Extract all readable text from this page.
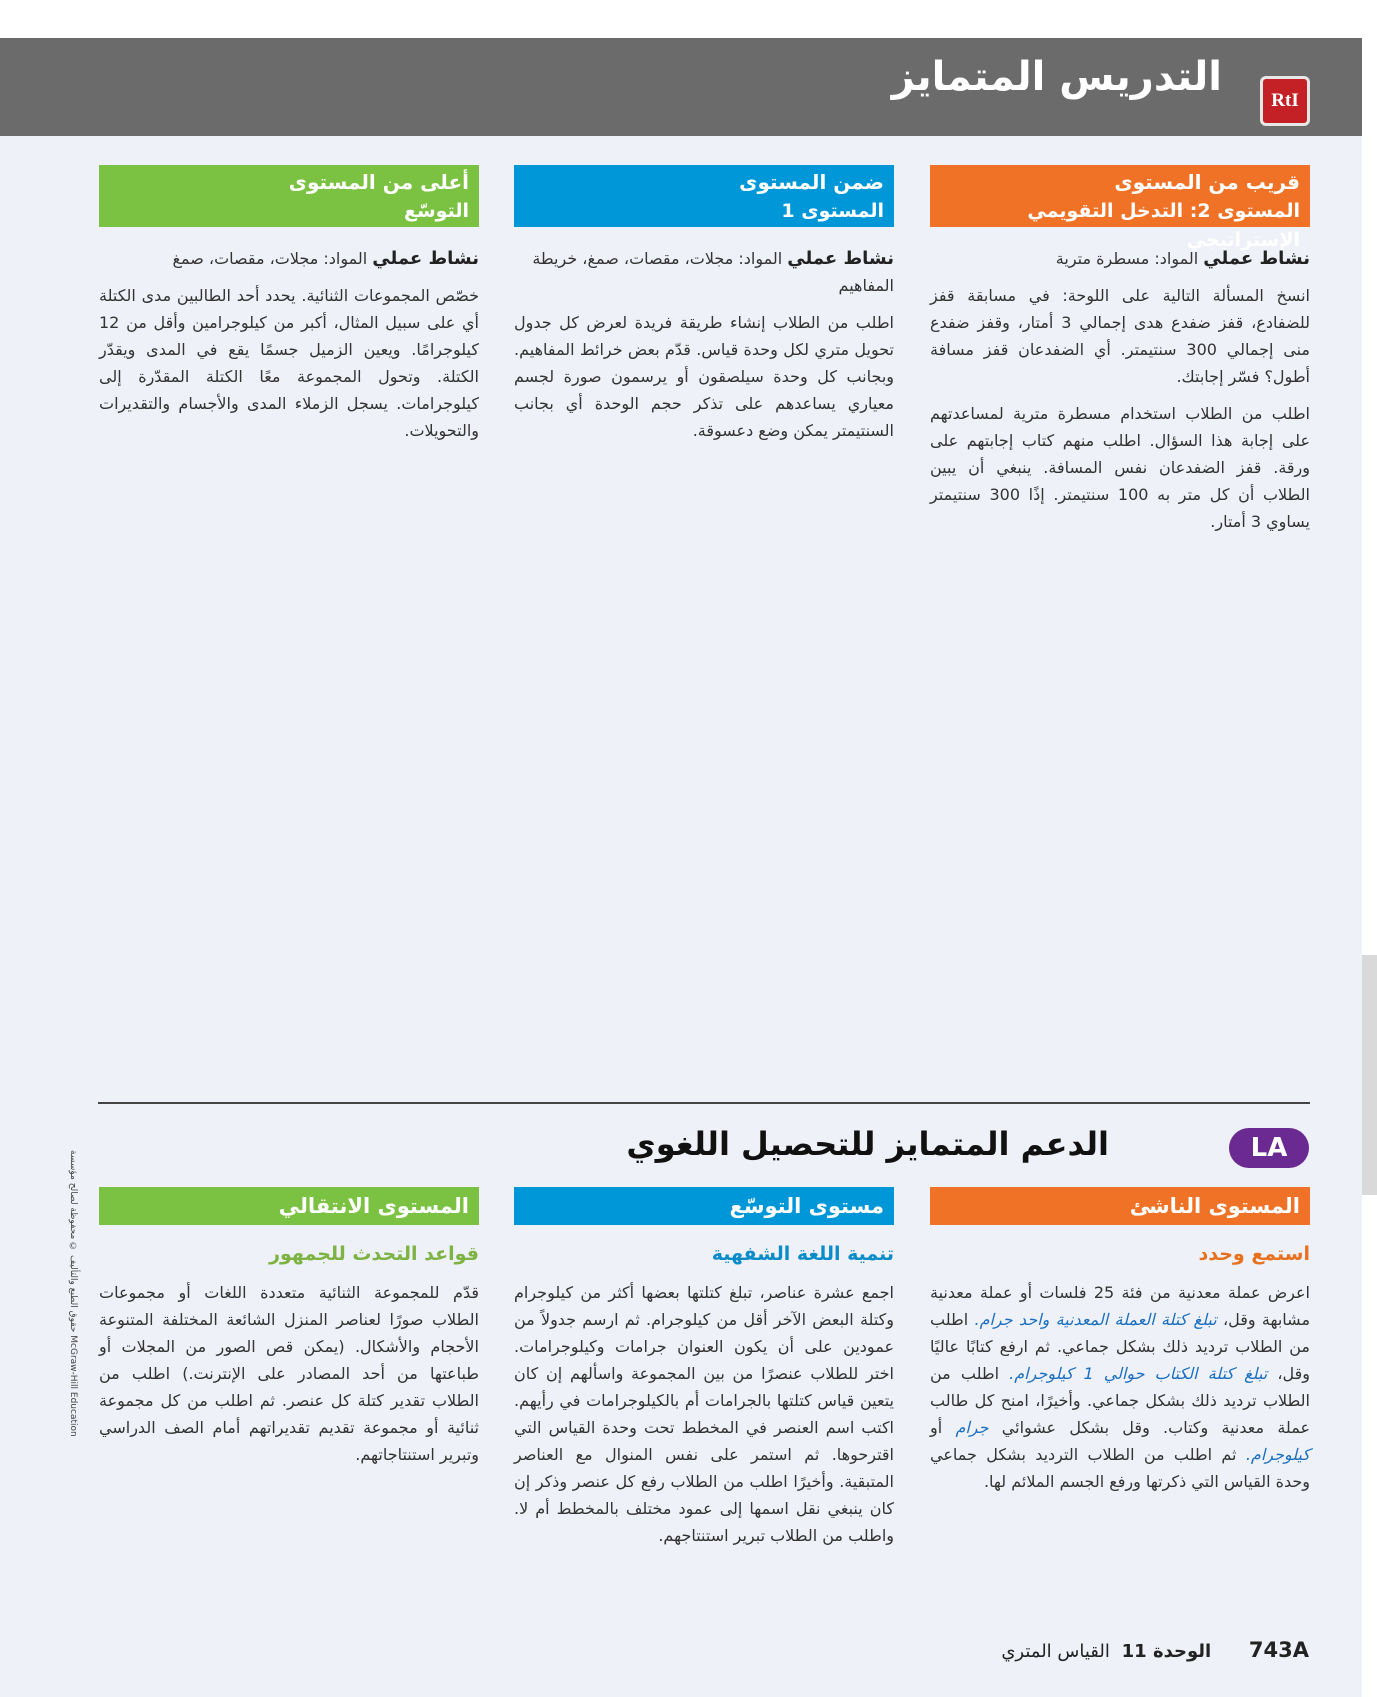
التدريس المتمايز
RtI
قريب من المستوى
المستوى 2: التدخل التقويمي الإستراتيجي
نشاط عملي المواد: مسطرة مترية

انسخ المسألة التالية على اللوحة: في مسابقة قفز للضفادع، قفز ضفدع هدى إجمالي 3 أمتار، وقفز ضفدع منى إجمالي 300 سنتيمتر. أي الضفدعان قفز مسافة أطول؟ فسّر إجابتك.

اطلب من الطلاب استخدام مسطرة مترية لمساعدتهم على إجابة هذا السؤال. اطلب منهم كتاب إجابتهم على ورقة. قفز الضفدعان نفس المسافة. ينبغي أن يبين الطلاب أن كل متر به 100 سنتيمتر. إذًا 300 سنتيمتر يساوي 3 أمتار.

ضمن المستوى
المستوى 1
نشاط عملي المواد: مجلات، مقصات، صمغ، خريطة المفاهيم

اطلب من الطلاب إنشاء طريقة فريدة لعرض كل جدول تحويل متري لكل وحدة قياس. قدّم بعض خرائط المفاهيم. وبجانب كل وحدة سيلصقون أو يرسمون صورة لجسم معياري يساعدهم على تذكر حجم الوحدة أي بجانب السنتيمتر يمكن وضع دعسوقة.

أعلى من المستوى
التوسّع
نشاط عملي المواد: مجلات، مقصات، صمغ

خصّص المجموعات الثنائية. يحدد أحد الطالبين مدى الكتلة أي على سبيل المثال، أكبر من كيلوجرامين وأقل من 12 كيلوجرامًا. ويعين الزميل جسمًا يقع في المدى ويقدّر الكتلة. وتحول المجموعة معًا الكتلة المقدّرة إلى كيلوجرامات. يسجل الزملاء المدى والأجسام والتقديرات والتحويلات.

الدعم المتمايز للتحصيل اللغوي	LA
المستوى الناشئ
استمع وحدد

اعرض عملة معدنية من فئة 25 فلسات أو عملة معدنية مشابهة وقل، تبلغ كتلة العملة المعدنية واحد جرام. اطلب من الطلاب ترديد ذلك بشكل جماعي. ثم ارفع كتابًا عاليًا وقل، تبلغ كتلة الكتاب حوالي 1 كيلوجرام. اطلب من الطلاب ترديد ذلك بشكل جماعي. وأخيرًا، امنح كل طالب عملة معدنية وكتاب. وقل بشكل عشوائي جرام أو كيلوجرام. ثم اطلب من الطلاب الترديد بشكل جماعي وحدة القياس التي ذكرتها ورفع الجسم الملائم لها.

مستوى التوسّع
تنمية اللغة الشفهية

اجمع عشرة عناصر، تبلغ كتلتها بعضها أكثر من كيلوجرام وكتلة البعض الآخر أقل من كيلوجرام. ثم ارسم جدولاً من عمودين على أن يكون العنوان جرامات وكيلوجرامات. اختر للطلاب عنصرًا من بين المجموعة واسألهم إن كان يتعين قياس كتلتها بالجرامات أم بالكيلوجرامات في رأيهم. اكتب اسم العنصر في المخطط تحت وحدة القياس التي اقترحوها. ثم استمر على نفس المنوال مع العناصر المتبقية. وأخيرًا اطلب من الطلاب رفع كل عنصر وذكر إن كان ينبغي نقل اسمها إلى عمود مختلف بالمخطط أم لا. واطلب من الطلاب تبرير استنتاجهم.

المستوى الانتقالي
قواعد التحدث للجمهور

قدّم للمجموعة الثنائية متعددة اللغات أو مجموعات الطلاب صورًا لعناصر المنزل الشائعة المختلفة المتنوعة الأحجام والأشكال. (يمكن قص الصور من المجلات أو طباعتها من أحد المصادر على الإنترنت.) اطلب من الطلاب تقدير كتلة كل عنصر. ثم اطلب من كل مجموعة ثنائية أو مجموعة تقديم تقديراتهم أمام الصف الدراسي وتبرير استنتاجاتهم.

حقوق الطبع والتأليف © محفوظة لصالح مؤسسة McGraw-Hill Education
743A الوحدة 11 القياس المتري
